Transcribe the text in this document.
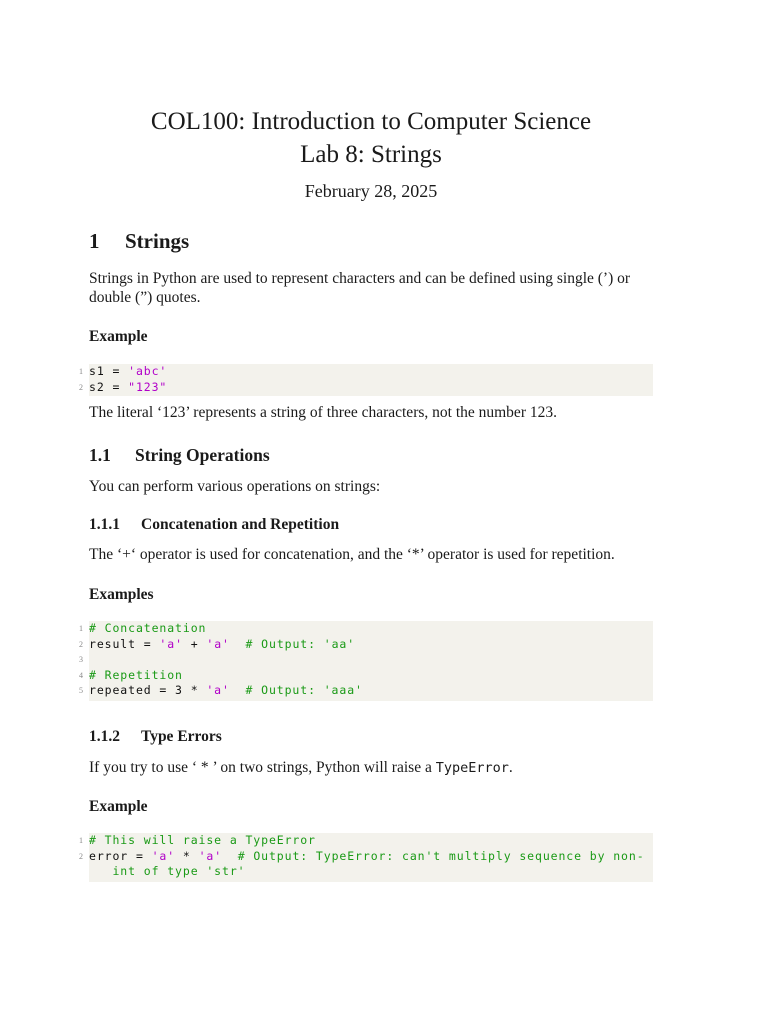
COL100: Introduction to Computer Science
Lab 8: Strings
February 28, 2025
1 Strings
Strings in Python are used to represent characters and can be defined using single (’) or double (”) quotes.
Example
1 s1 = 'abc'
2 s2 = "123"
The literal ‘123’ represents a string of three characters, not the number 123.
1.1 String Operations
You can perform various operations on strings:
1.1.1 Concatenation and Repetition
The ‘+‘ operator is used for concatenation, and the ‘*’ operator is used for repetition.
Examples
1 # Concatenation
2 result = 'a' + 'a'  # Output: 'aa'
3
4 # Repetition
5 repeated = 3 * 'a'  # Output: 'aaa'
1.1.2 Type Errors
If you try to use ‘ * ’ on two strings, Python will raise a TypeError.
Example
1 # This will raise a TypeError
2 error = 'a' * 'a'  # Output: TypeError: can't multiply sequence by non-
int of type 'str'
